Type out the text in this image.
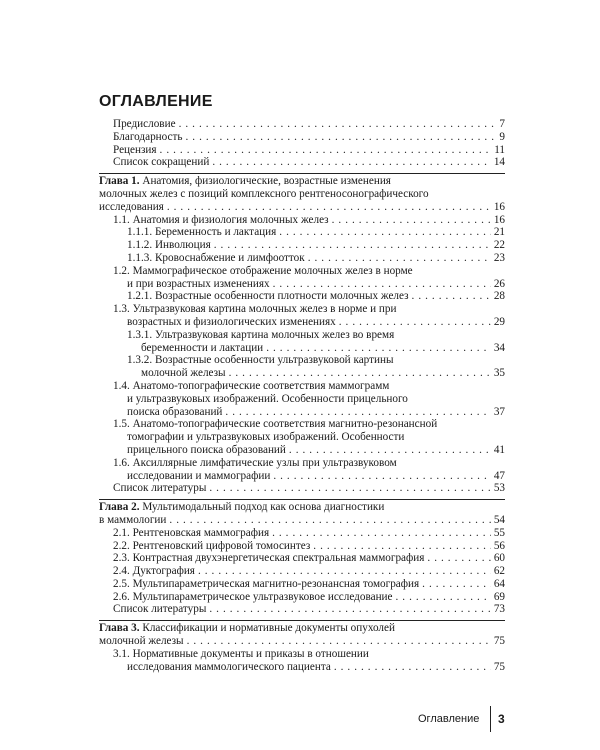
ОГЛАВЛЕНИЕ
Предисловие . . .	7
Благодарность . . .	9
Рецензия . . .	11
Список сокращений . . .	14
Глава 1. Анатомия, физиологические, возрастные изменения
молочных желез с позиций комплексного рентгеносонографического
исследования . . .	16
1.1. Анатомия и физиология молочных желез . . .	16
1.1.1. Беременность и лактация . . .	21
1.1.2. Инволюция . . .	22
1.1.3. Кровоснабжение и лимфоотток . . .	23
1.2. Маммографическое отображение молочных желез в норме
и при возрастных изменениях . . .	26
1.2.1. Возрастные особенности плотности молочных желез . . .	28
1.3. Ультразвуковая картина молочных желез в норме и при
возрастных и физиологических изменениях . . .	29
1.3.1. Ультразвуковая картина молочных желез во время
беременности и лактации . . .	34
1.3.2. Возрастные особенности ультразвуковой картины
молочной железы . . .	35
1.4. Анатомо-топографические соответствия маммограмм
и ультразвуковых изображений. Особенности прицельного
поиска образований . . .	37
1.5. Анатомо-топографические соответствия магнитно-резонансной
томографии и ультразвуковых изображений. Особенности
прицельного поиска образований . . .	41
1.6. Аксиллярные лимфатические узлы при ультразвуковом
исследовании и маммографии . . .	47
Список литературы . . .	53
Глава 2. Мультимодальный подход как основа диагностики
в маммологии . . .	54
2.1. Рентгеновская маммография . . .	55
2.2. Рентгеновский цифровой томосинтез . . .	56
2.3. Контрастная двухэнергетическая спектральная маммография . . .	60
2.4. Дуктография . . .	62
2.5. Мультипараметрическая магнитно-резонансная томография . . .	64
2.6. Мультипараметрическое ультразвуковое исследование . . .	69
Список литературы . . .	73
Глава 3. Классификации и нормативные документы опухолей
молочной железы . . .	75
3.1. Нормативные документы и приказы в отношении
исследования маммологического пациента . . .	75
Оглавление 3
